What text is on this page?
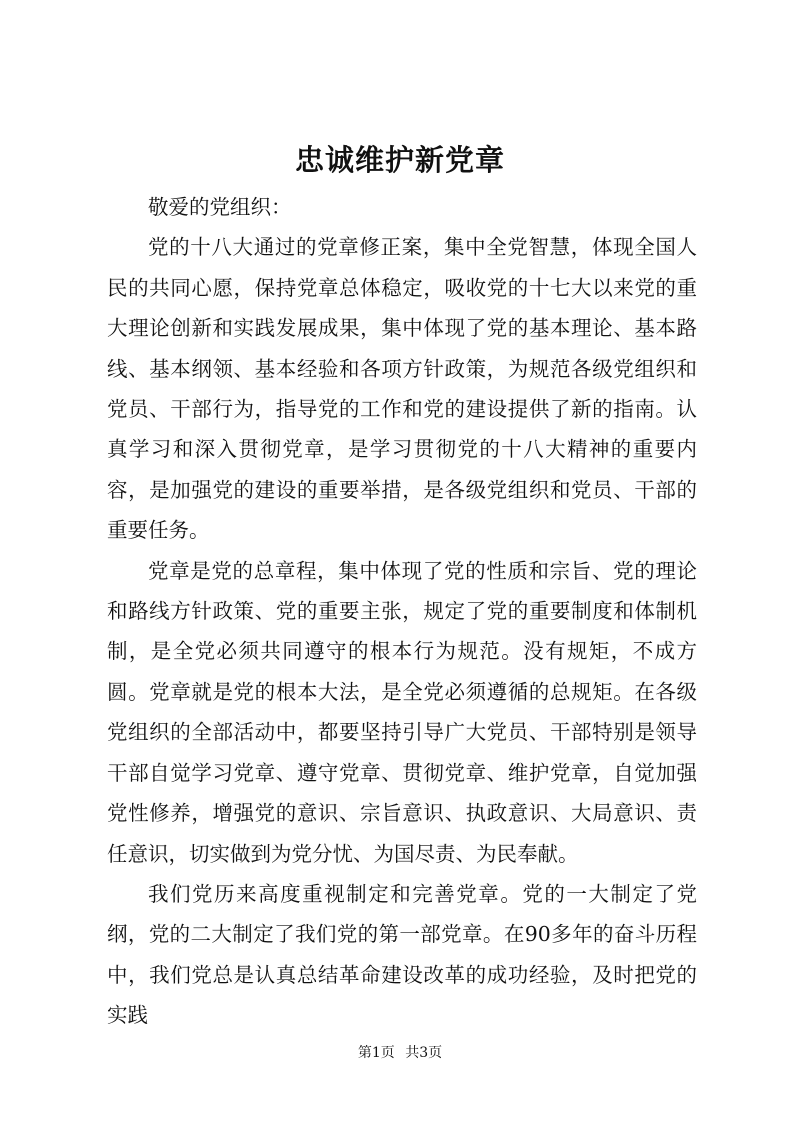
忠诚维护新党章

敬爱的党组织：

党的十八大通过的党章修正案，集中全党智慧，体现全国人民的共同心愿，保持党章总体稳定，吸收党的十七大以来党的重大理论创新和实践发展成果，集中体现了党的基本理论、基本路线、基本纲领、基本经验和各项方针政策，为规范各级党组织和党员、干部行为，指导党的工作和党的建设提供了新的指南。认真学习和深入贯彻党章，是学习贯彻党的十八大精神的重要内容，是加强党的建设的重要举措，是各级党组织和党员、干部的重要任务。

党章是党的总章程，集中体现了党的性质和宗旨、党的理论和路线方针政策、党的重要主张，规定了党的重要制度和体制机制，是全党必须共同遵守的根本行为规范。没有规矩，不成方圆。党章就是党的根本大法，是全党必须遵循的总规矩。在各级党组织的全部活动中，都要坚持引导广大党员、干部特别是领导干部自觉学习党章、遵守党章、贯彻党章、维护党章，自觉加强党性修养，增强党的意识、宗旨意识、执政意识、大局意识、责任意识，切实做到为党分忧、为国尽责、为民奉献。

我们党历来高度重视制定和完善党章。党的一大制定了党纲，党的二大制定了我们党的第一部党章。在90多年的奋斗历程中，我们党总是认真总结革命建设改革的成功经验，及时把党的实践

第1页 共3页
